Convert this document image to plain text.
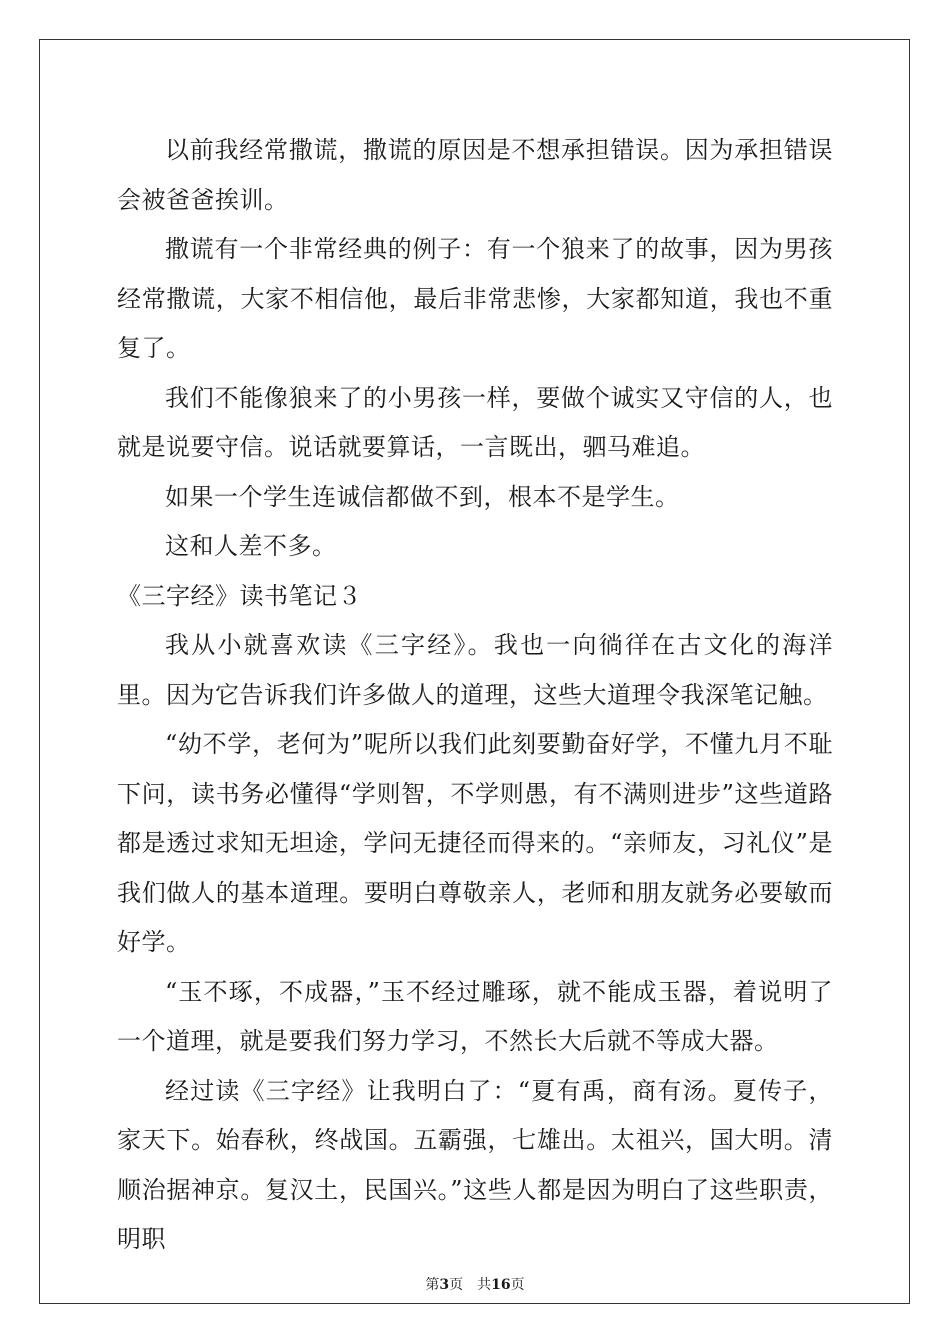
以前我经常撒谎，撒谎的原因是不想承担错误。因为承担错误会被爸爸挨训。

撒谎有一个非常经典的例子：有一个狼来了的故事，因为男孩经常撒谎，大家不相信他，最后非常悲惨，大家都知道，我也不重复了。

我们不能像狼来了的小男孩一样，要做个诚实又守信的人，也就是说要守信。说话就要算话，一言既出，驷马难追。

如果一个学生连诚信都做不到，根本不是学生。

这和人差不多。

《三字经》读书笔记３

我从小就喜欢读《三字经》。我也一向徜徉在古文化的海洋里。因为它告诉我们许多做人的道理，这些大道理令我深笔记触。

“幼不学，老何为”呢所以我们此刻要勤奋好学，不懂九月不耻下问，读书务必懂得“学则智，不学则愚，有不满则进步”这些道路都是透过求知无坦途，学问无捷径而得来的。“亲师友，习礼仪”是我们做人的基本道理。要明白尊敬亲人，老师和朋友就务必要敏而好学。

“玉不琢，不成器，”玉不经过雕琢，就不能成玉器，着说明了一个道理，就是要我们努力学习，不然长大后就不等成大器。

经过读《三字经》让我明白了：“夏有禹，商有汤。夏传子，家天下。始春秋，终战国。五霸强，七雄出。太祖兴，国大明。清顺治据神京。复汉土，民国兴。”这些人都是因为明白了这些职责，明职

第3页 共16页
